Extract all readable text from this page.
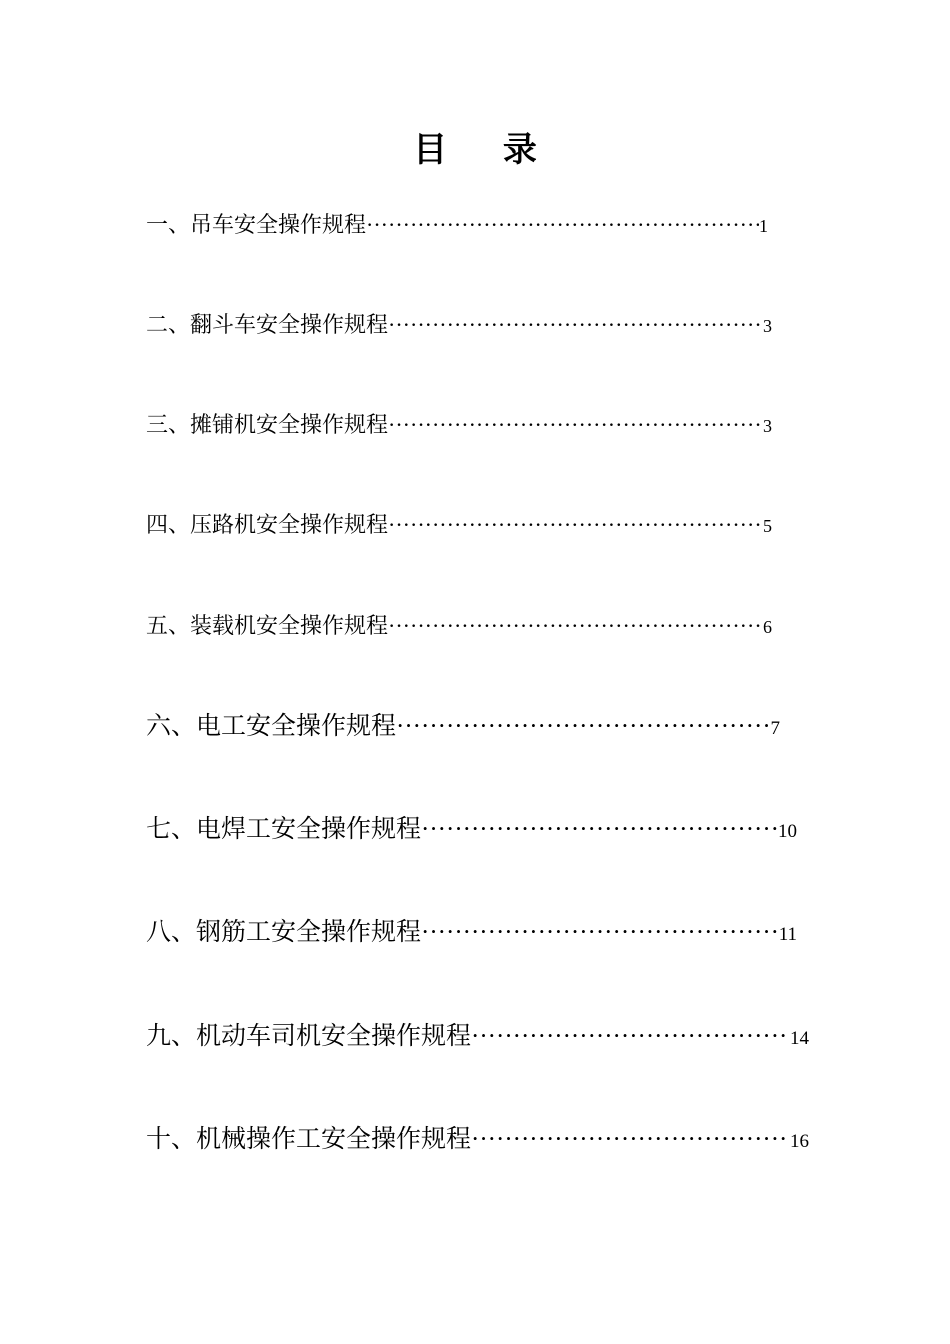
目 录
一、吊车安全操作规程 ·····	1
二、翻斗车安全操作规程 ·····	3
三、摊铺机安全操作规程 ·····	3
四、压路机安全操作规程 ·····	5
五、装载机安全操作规程 ·····	6
六、电工安全操作规程 ·····	7
七、电焊工安全操作规程 ·····	10
八、钢筋工安全操作规程 ·····	11
九、机动车司机安全操作规程 ·····	14
十、机械操作工安全操作规程 ·····	16
